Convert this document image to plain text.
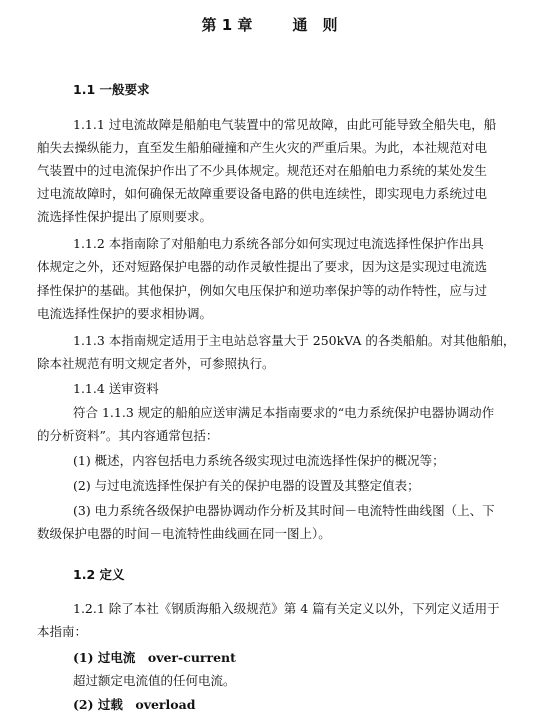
第 1 章	通　则
1.1 一般要求
1.1.1 过电流故障是船舶电气装置中的常见故障，由此可能导致全船失电，船
舶失去操纵能力，直至发生船舶碰撞和产生火灾的严重后果。为此，本社规范对电
气装置中的过电流保护作出了不少具体规定。规范还对在船舶电力系统的某处发生
过电流故障时，如何确保无故障重要设备电路的供电连续性，即实现电力系统过电
流选择性保护提出了原则要求。
1.1.2 本指南除了对船舶电力系统各部分如何实现过电流选择性保护作出具
体规定之外，还对短路保护电器的动作灵敏性提出了要求，因为这是实现过电流选
择性保护的基础。其他保护，例如欠电压保护和逆功率保护等的动作特性，应与过
电流选择性保护的要求相协调。
1.1.3 本指南规定适用于主电站总容量大于 250kVA 的各类船舶。对其他船舶，
除本社规范有明文规定者外，可参照执行。
1.1.4 送审资料
符合 1.1.3 规定的船舶应送审满足本指南要求的“电力系统保护电器协调动作
的分析资料”。其内容通常包括：
(1) 概述，内容包括电力系统各级实现过电流选择性保护的概况等；
(2) 与过电流选择性保护有关的保护电器的设置及其整定值表；
(3) 电力系统各级保护电器协调动作分析及其时间－电流特性曲线图（上、下
数级保护电器的时间－电流特性曲线画在同一图上）。
1.2 定义
1.2.1 除了本社《钢质海船入级规范》第 4 篇有关定义以外，下列定义适用于
本指南：
(1) 过电流　over-current
超过额定电流值的任何电流。
(2) 过载　overload
